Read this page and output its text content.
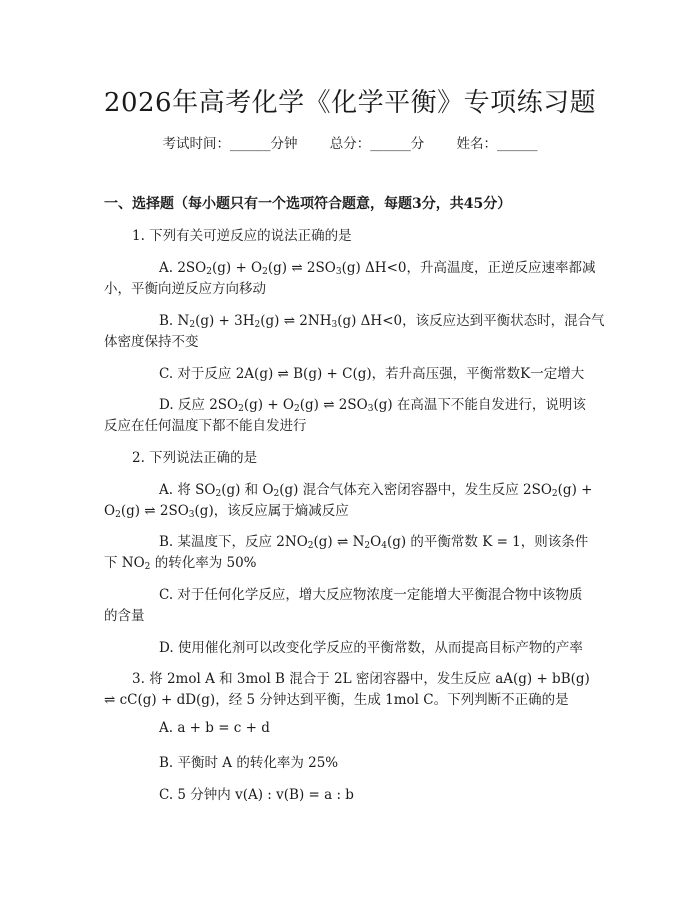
2026年高考化学《化学平衡》专项练习题
考试时间：______分钟 总分：______分 姓名：______
一、选择题（每小题只有一个选项符合题意，每题3分，共45分）
1. 下列有关可逆反应的说法正确的是
A. $2SO_2(g) + O_2(g)$ ⇌ $2SO_3(g)$ ΔH<0，升高温度，正逆反应速率都减
小，平衡向逆反应方向移动
B. $N_2(g) + 3H_2(g)$ ⇌ $2NH_3(g)$ ΔH<0，该反应达到平衡状态时，混合气
体密度保持不变
C. 对于反应 2A(g) ⇌ B(g) + C(g)，若升高压强，平衡常数K一定增大
D. 反应 $2SO_2(g) + O_2(g)$ ⇌ $2SO_3(g)$ 在高温下不能自发进行，说明该
反应在任何温度下都不能自发进行
2. 下列说法正确的是
A. 将 $SO_2(g)$ 和 $O_2(g)$ 混合气体充入密闭容器中，发生反应 $2SO_2(g)$ +
$O_2(g)$ ⇌ $2SO_3(g)$，该反应属于熵减反应
B. 某温度下，反应 $2NO_2(g)$ ⇌ $N_2O_4(g)$ 的平衡常数 K = 1，则该条件
下 $NO_2$ 的转化率为 50%
C. 对于任何化学反应，增大反应物浓度一定能增大平衡混合物中该物质
的含量
D. 使用催化剂可以改变化学反应的平衡常数，从而提高目标产物的产率
3. 将 2mol A 和 3mol B 混合于 2L 密闭容器中，发生反应 aA(g) + bB(g)
⇌ cC(g) + dD(g)，经 5 分钟达到平衡，生成 1mol C。下列判断不正确的是
A. a + b = c + d
B. 平衡时 A 的转化率为 25%
C. 5 分钟内 v(A) : v(B) = a : b
